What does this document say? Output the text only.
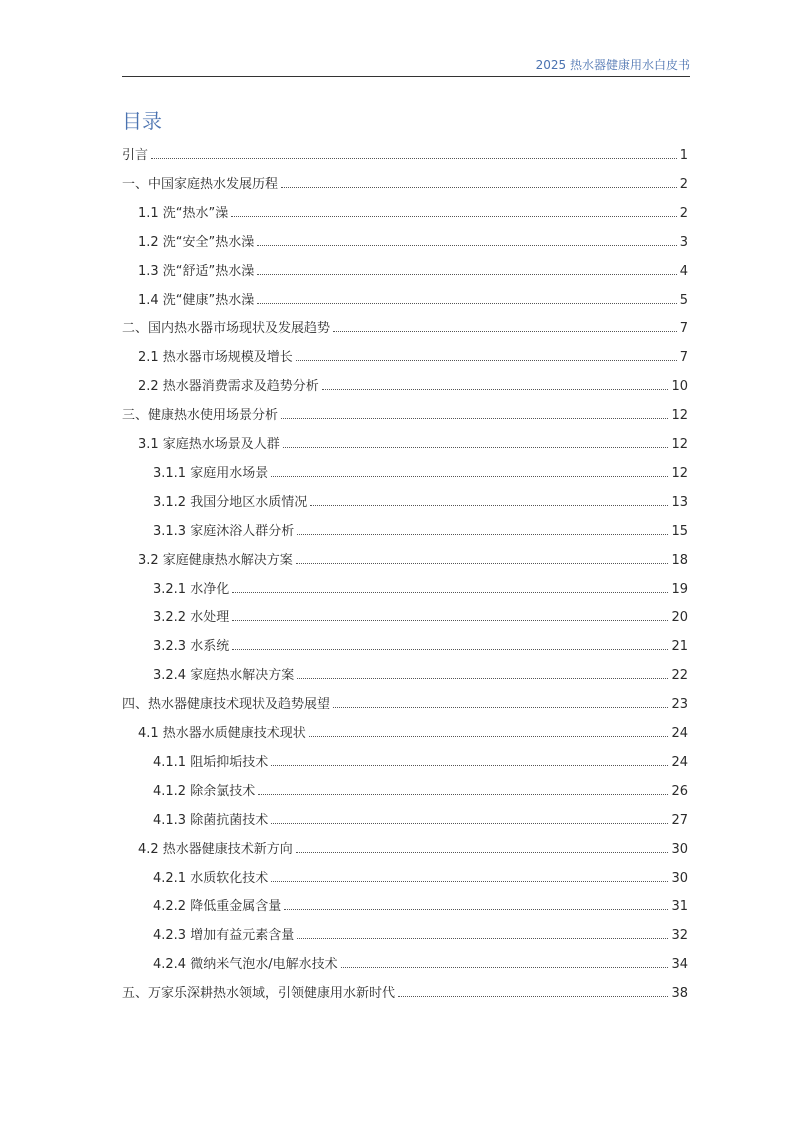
2025 热水器健康用水白皮书
目录
引言	1
一、中国家庭热水发展历程	2
1.1 洗“热水”澡	2
1.2 洗“安全”热水澡	3
1.3 洗“舒适”热水澡	4
1.4 洗“健康”热水澡	5
二、国内热水器市场现状及发展趋势	7
2.1 热水器市场规模及增长	7
2.2 热水器消费需求及趋势分析	10
三、健康热水使用场景分析	12
3.1 家庭热水场景及人群	12
3.1.1 家庭用水场景	12
3.1.2 我国分地区水质情况	13
3.1.3 家庭沐浴人群分析	15
3.2 家庭健康热水解决方案	18
3.2.1 水净化	19
3.2.2 水处理	20
3.2.3 水系统	21
3.2.4 家庭热水解决方案	22
四、热水器健康技术现状及趋势展望	23
4.1 热水器水质健康技术现状	24
4.1.1 阻垢抑垢技术	24
4.1.2 除余氯技术	26
4.1.3 除菌抗菌技术	27
4.2 热水器健康技术新方向	30
4.2.1 水质软化技术	30
4.2.2 降低重金属含量	31
4.2.3 增加有益元素含量	32
4.2.4 微纳米气泡水/电解水技术	34
五、万家乐深耕热水领域，引领健康用水新时代	38
